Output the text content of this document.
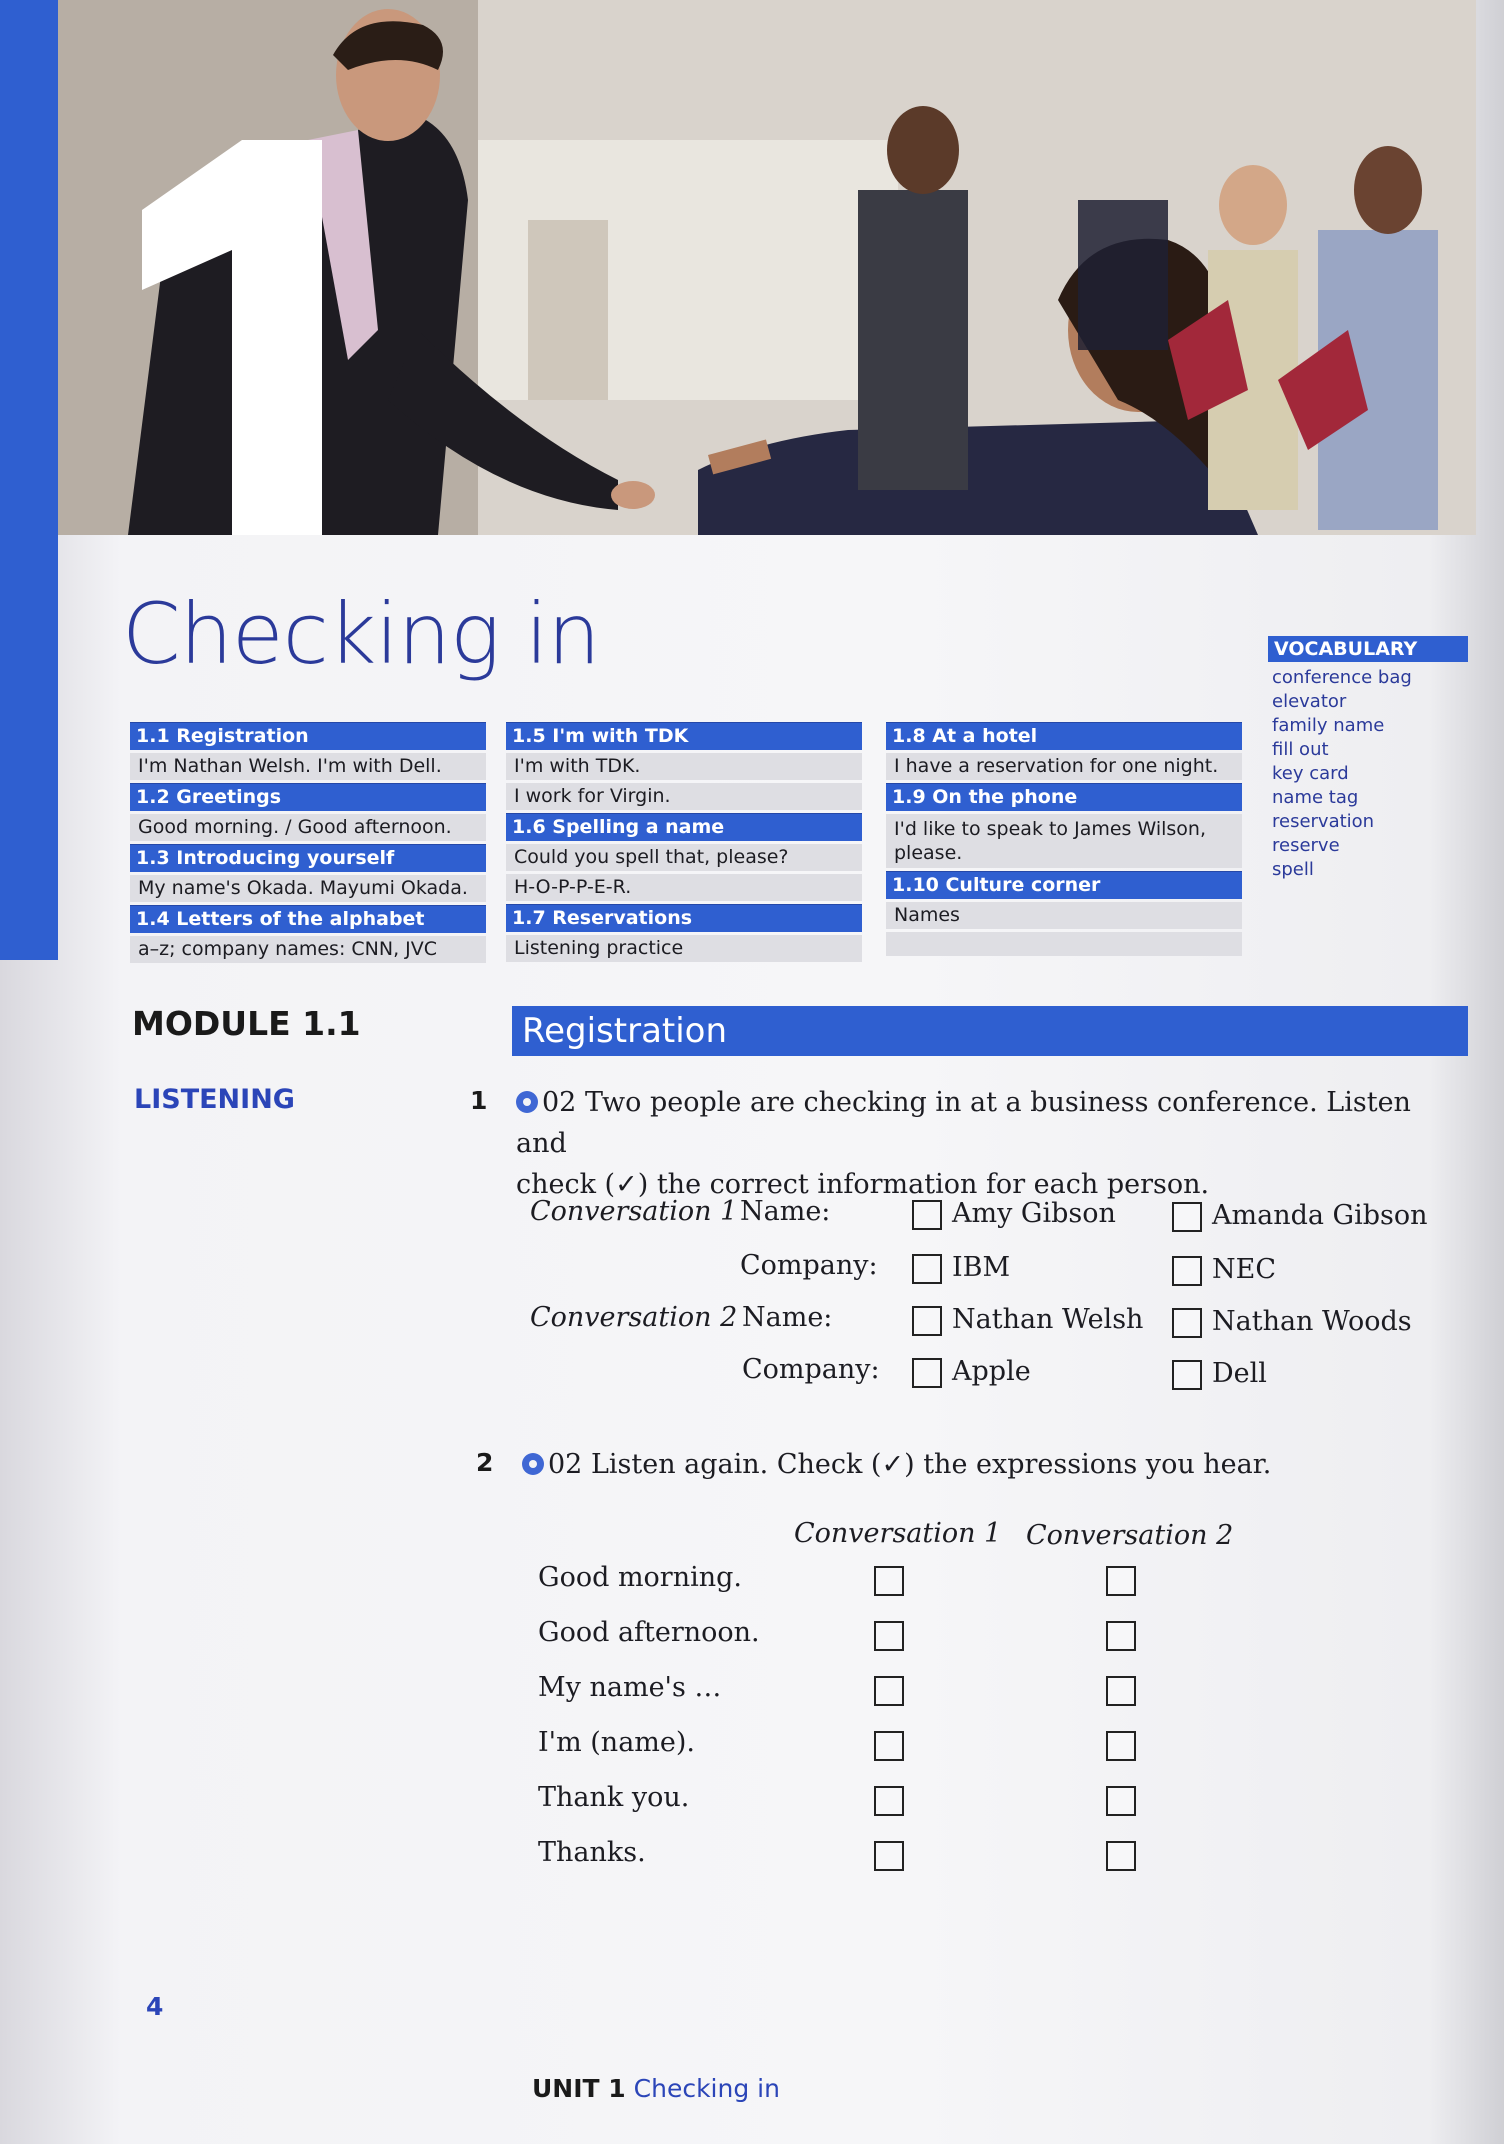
Checking in
1.1 Registration
I'm Nathan Welsh. I'm with Dell.
1.2 Greetings
Good morning. / Good afternoon.
1.3 Introducing yourself
My name's Okada. Mayumi Okada.
1.4 Letters of the alphabet
a–z; company names: CNN, JVC
1.5 I'm with TDK
I'm with TDK.
I work for Virgin.
1.6 Spelling a name
Could you spell that, please?
H-O-P-P-E-R.
1.7 Reservations
Listening practice
1.8 At a hotel
I have a reservation for one night.
1.9 On the phone
I'd like to speak to James Wilson, please.
1.10 Culture corner
Names
VOCABULARY
conference bag
elevator
family name
fill out
key card
name tag
reservation
reserve
spell
MODULE 1.1	Registration
LISTENING	1	02 Two people are checking in at a business conference. Listen and
check (✓) the correct information for each person.
Conversation 1 Name:	Amy Gibson	Amanda Gibson
Company:	IBM	NEC
Conversation 2 Name:	Nathan Welsh	Nathan Woods
Company:	Apple	Dell
2	02 Listen again. Check (✓) the expressions you hear.
Conversation 1 Conversation 2
Good morning.
Good afternoon.
My name's …
I'm (name).
Thank you.
Thanks.
4
UNIT 1 Checking in
